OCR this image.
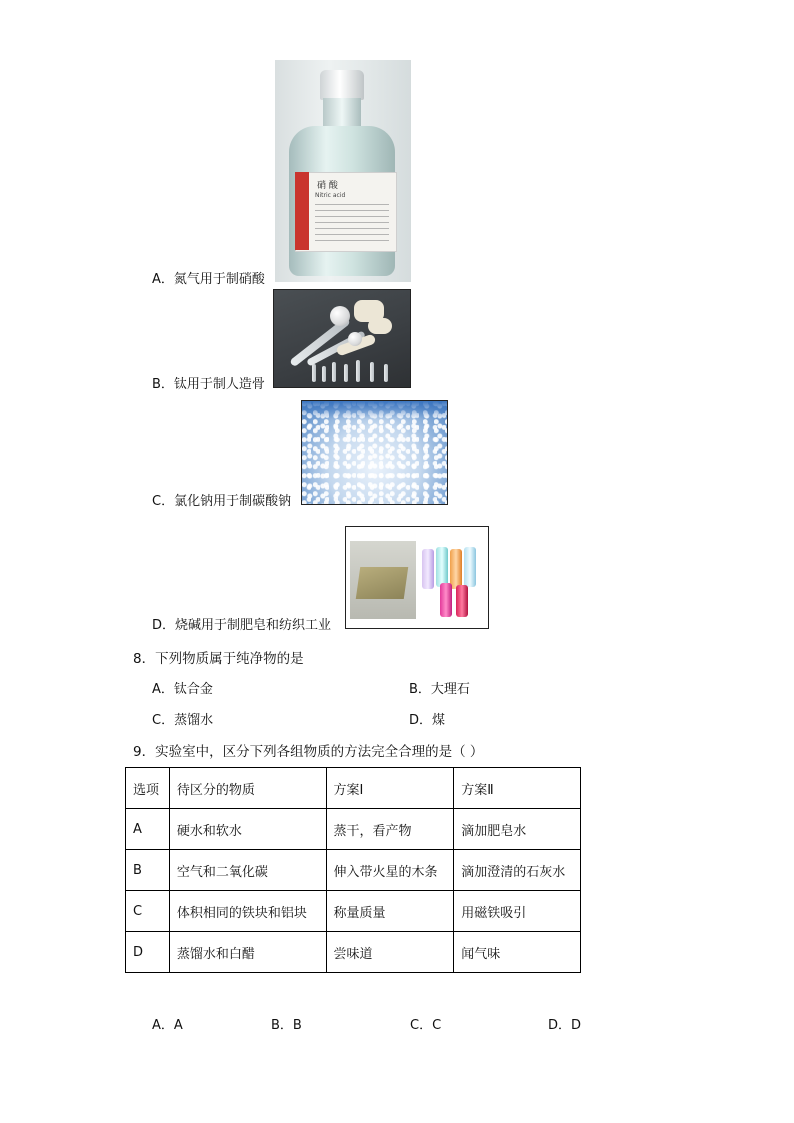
硝 酸
Nitric acid
A．氮气用于制硝酸
B．钛用于制人造骨
C．氯化钠用于制碳酸钠
D．烧碱用于制肥皂和纺织工业
8．下列物质属于纯净物的是
A．钛合金	B．大理石
C．蒸馏水	D．煤
9．实验室中，区分下列各组物质的方法完全合理的是（ ）
选项	待区分的物质	方案Ⅰ	方案Ⅱ
A	硬水和软水	蒸干，看产物	滴加肥皂水
B	空气和二氧化碳	伸入带火星的木条	滴加澄清的石灰水
C	体积相同的铁块和铝块	称量质量	用磁铁吸引
D	蒸馏水和白醋	尝味道	闻气味
A．A	B．B	C．C	D．D
